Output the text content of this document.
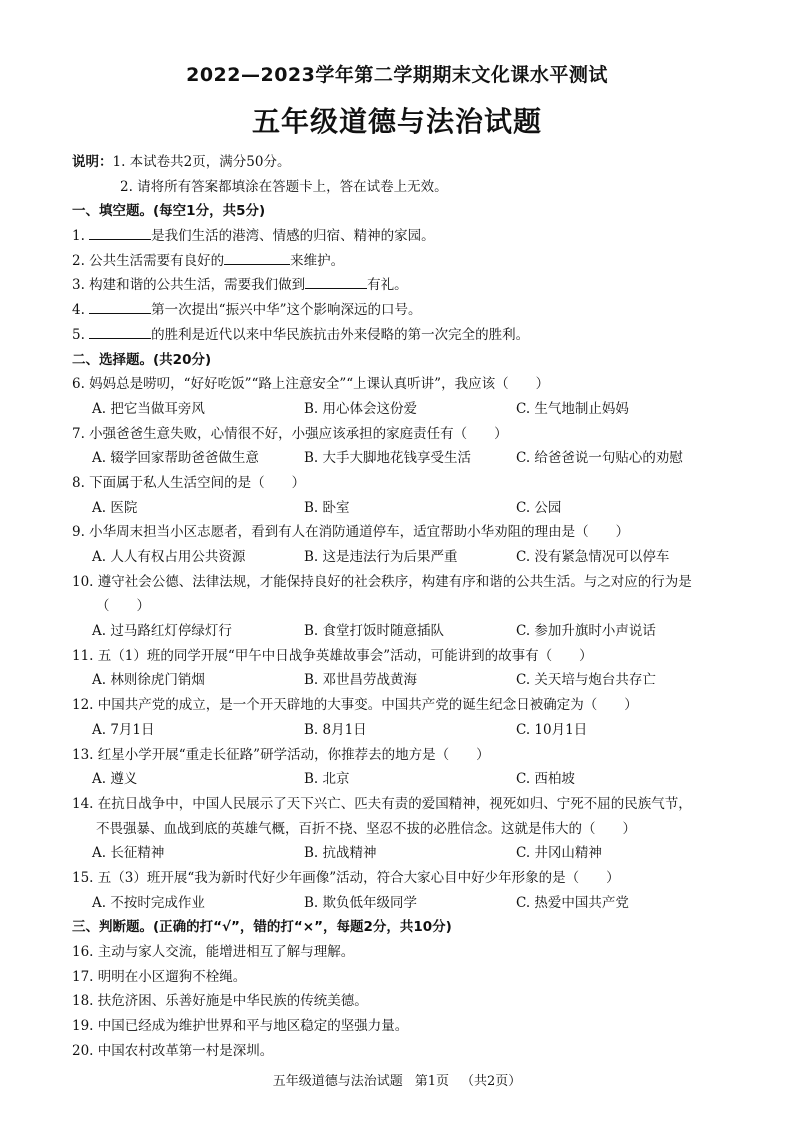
2022—2023学年第二学期期末文化课水平测试
五年级道德与法治试题
说明：1. 本试卷共2页，满分50分。
2. 请将所有答案都填涂在答题卡上，答在试卷上无效。
一、填空题。(每空1分，共5分)
1.	是我们生活的港湾、情感的归宿、精神的家园。
2. 公共生活需要有良好的	来维护。
3. 构建和谐的公共生活，需要我们做到	有礼。
4.	第一次提出“振兴中华”这个影响深远的口号。
5.	的胜利是近代以来中华民族抗击外来侵略的第一次完全的胜利。
二、选择题。(共20分)
6. 妈妈总是唠叨，“好好吃饭”“路上注意安全”“上课认真听讲”，我应该（　　）
A. 把它当做耳旁风	B. 用心体会这份爱	C. 生气地制止妈妈
7. 小强爸爸生意失败，心情很不好，小强应该承担的家庭责任有（　　）
A. 辍学回家帮助爸爸做生意	B. 大手大脚地花钱享受生活	C. 给爸爸说一句贴心的劝慰
8. 下面属于私人生活空间的是（　　）
A. 医院	B. 卧室	C. 公园
9. 小华周末担当小区志愿者，看到有人在消防通道停车，适宜帮助小华劝阻的理由是（　　）
A. 人人有权占用公共资源	B. 这是违法行为后果严重	C. 没有紧急情况可以停车
10. 遵守社会公德、法律法规，才能保持良好的社会秩序，构建有序和谐的公共生活。与之对应的行为是
（　　）
A. 过马路红灯停绿灯行	B. 食堂打饭时随意插队	C. 参加升旗时小声说话
11. 五（1）班的同学开展“甲午中日战争英雄故事会”活动，可能讲到的故事有（　　）
A. 林则徐虎门销烟	B. 邓世昌劳战黄海	C. 关天培与炮台共存亡
12. 中国共产党的成立，是一个开天辟地的大事变。中国共产党的诞生纪念日被确定为（　　）
A. 7月1日	B. 8月1日	C. 10月1日
13. 红星小学开展“重走长征路”研学活动，你推荐去的地方是（　　）
A. 遵义	B. 北京	C. 西柏坡
14. 在抗日战争中，中国人民展示了天下兴亡、匹夫有责的爱国精神，视死如归、宁死不屈的民族气节，
不畏强暴、血战到底的英雄气概，百折不挠、坚忍不拔的必胜信念。这就是伟大的（　　）
A. 长征精神	B. 抗战精神	C. 井冈山精神
15. 五（3）班开展“我为新时代好少年画像”活动，符合大家心目中好少年形象的是（　　）
A. 不按时完成作业	B. 欺负低年级同学	C. 热爱中国共产党
三、判断题。(正确的打“√”，错的打“×”，每题2分，共10分)
16. 主动与家人交流，能增进相互了解与理解。
17. 明明在小区遛狗不栓绳。
18. 扶危济困、乐善好施是中华民族的传统美德。
19. 中国已经成为维护世界和平与地区稳定的坚强力量。
20. 中国农村改革第一村是深圳。
五年级道德与法治试题 第1页 （共2页）
